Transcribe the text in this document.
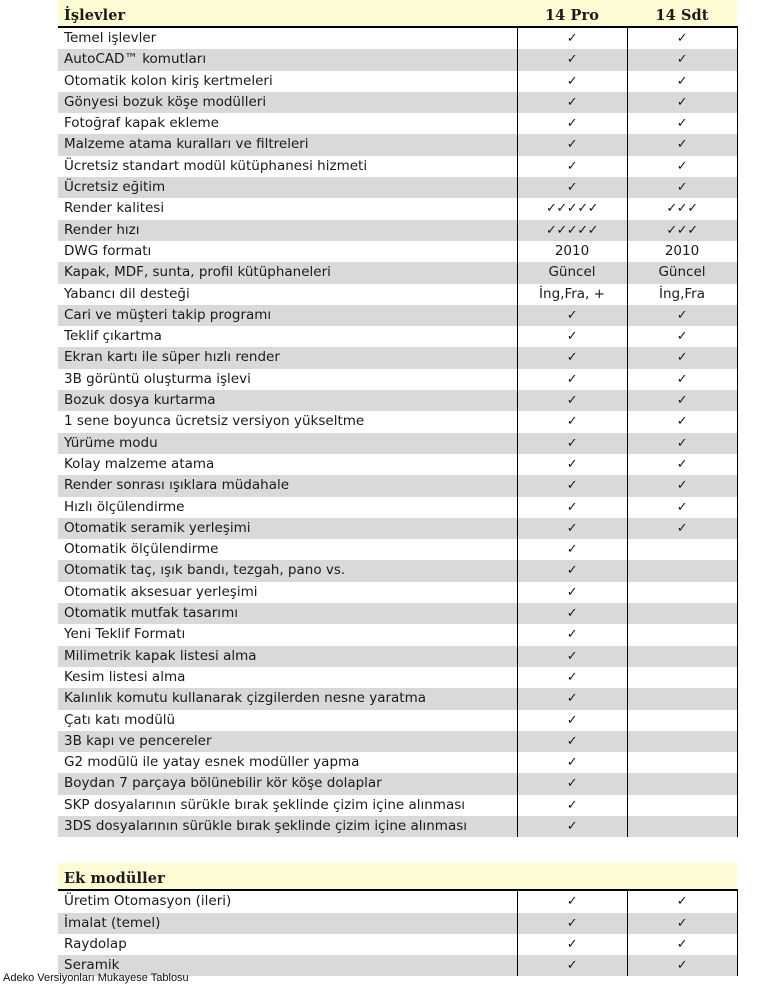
İşlevler	14 Pro	14 Sdt
Temel işlevler	✓	✓
AutoCAD™ komutları	✓	✓
Otomatik kolon kiriş kertmeleri	✓	✓
Gönyesi bozuk köşe modülleri	✓	✓
Fotoğraf kapak ekleme	✓	✓
Malzeme atama kuralları ve filtreleri	✓	✓
Ücretsiz standart modül kütüphanesi hizmeti	✓	✓
Ücretsiz eğitim	✓	✓
Render kalitesi	✓✓✓✓✓	✓✓✓
Render hızı	✓✓✓✓✓	✓✓✓
DWG formatı	2010	2010
Kapak, MDF, sunta, profil kütüphaneleri	Güncel	Güncel
Yabancı dil desteği	İng,Fra, +	İng,Fra
Cari ve müşteri takip programı	✓	✓
Teklif çıkartma	✓	✓
Ekran kartı ile süper hızlı render	✓	✓
3B görüntü oluşturma işlevi	✓	✓
Bozuk dosya kurtarma	✓	✓
1 sene boyunca ücretsiz versiyon yükseltme	✓	✓
Yürüme modu	✓	✓
Kolay malzeme atama	✓	✓
Render sonrası ışıklara müdahale	✓	✓
Hızlı ölçülendirme	✓	✓
Otomatik seramik yerleşimi	✓	✓
Otomatik ölçülendirme	✓	
Otomatik taç, ışık bandı, tezgah, pano vs.	✓	
Otomatik aksesuar yerleşimi	✓	
Otomatik mutfak tasarımı	✓	
Yeni Teklif Formatı	✓	
Milimetrik kapak listesi alma	✓	
Kesim listesi alma	✓	
Kalınlık komutu kullanarak çizgilerden nesne yaratma	✓	
Çatı katı modülü	✓	
3B kapı ve pencereler	✓	
G2 modülü ile yatay esnek modüller yapma	✓	
Boydan 7 parçaya bölünebilir kör köşe dolaplar	✓	
SKP dosyalarının sürükle bırak şeklinde çizim içine alınması	✓	
3DS dosyalarının sürükle bırak şeklinde çizim içine alınması	✓	
Ek modüller		
Üretim Otomasyon (ileri)	✓	✓
İmalat (temel)	✓	✓
Raydolap	✓	✓
Seramik	✓	✓
Adeko Versiyonları Mukayese Tablosu
